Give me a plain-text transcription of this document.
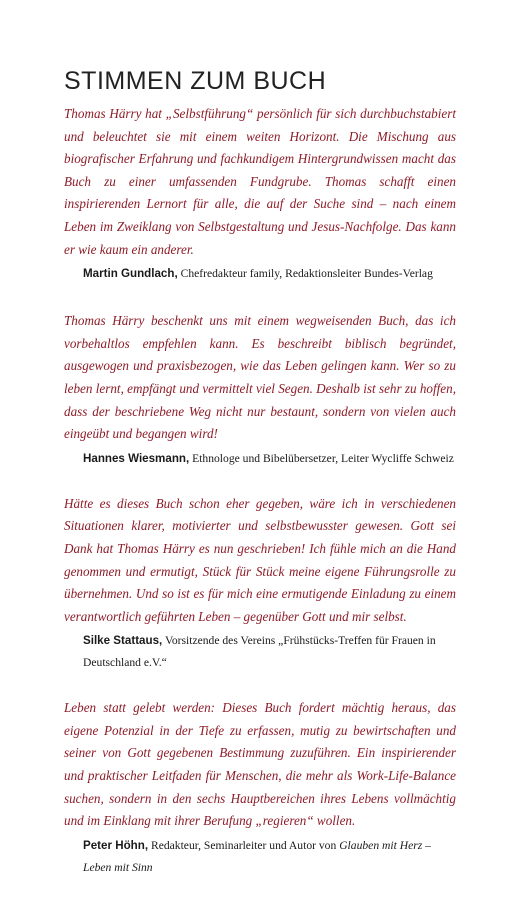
STIMMEN ZUM BUCH

Thomas Härry hat „Selbstführung“ persönlich für sich durchbuchstabiert und beleuchtet sie mit einem weiten Horizont. Die Mischung aus biografischer Erfahrung und fachkundigem Hintergrundwissen macht das Buch zu einer umfassenden Fundgrube. Thomas schafft einen inspirierenden Lernort für alle, die auf der Suche sind – nach einem Leben im Zweiklang von Selbstgestaltung und Jesus-Nachfolge. Das kann er wie kaum ein anderer.

Martin Gundlach, Chefredakteur family, Redaktionsleiter Bundes-Verlag

Thomas Härry beschenkt uns mit einem wegweisenden Buch, das ich vorbehaltlos empfehlen kann. Es beschreibt biblisch begründet, ausgewogen und praxisbezogen, wie das Leben gelingen kann. Wer so zu leben lernt, empfängt und vermittelt viel Segen. Deshalb ist sehr zu hoffen, dass der beschriebene Weg nicht nur bestaunt, sondern von vielen auch eingeübt und begangen wird!

Hannes Wiesmann, Ethnologe und Bibelübersetzer, Leiter Wycliffe Schweiz

Hätte es dieses Buch schon eher gegeben, wäre ich in verschiedenen Situationen klarer, motivierter und selbstbewusster gewesen. Gott sei Dank hat Thomas Härry es nun geschrieben! Ich fühle mich an die Hand genommen und ermutigt, Stück für Stück meine eigene Führungsrolle zu übernehmen. Und so ist es für mich eine ermutigende Einladung zu einem verantwortlich geführten Leben – gegenüber Gott und mir selbst.

Silke Stattaus, Vorsitzende des Vereins „Frühstücks-Treffen für Frauen in Deutschland e.V.“

Leben statt gelebt werden: Dieses Buch fordert mächtig heraus, das eigene Potenzial in der Tiefe zu erfassen, mutig zu bewirtschaften und seiner von Gott gegebenen Bestimmung zuzuführen. Ein inspirierender und praktischer Leitfaden für Menschen, die mehr als Work-Life-Balance suchen, sondern in den sechs Hauptbereichen ihres Lebens vollmächtig und im Einklang mit ihrer Berufung „regieren“ wollen.

Peter Höhn, Redakteur, Seminarleiter und Autor von Glauben mit Herz – Leben mit Sinn
